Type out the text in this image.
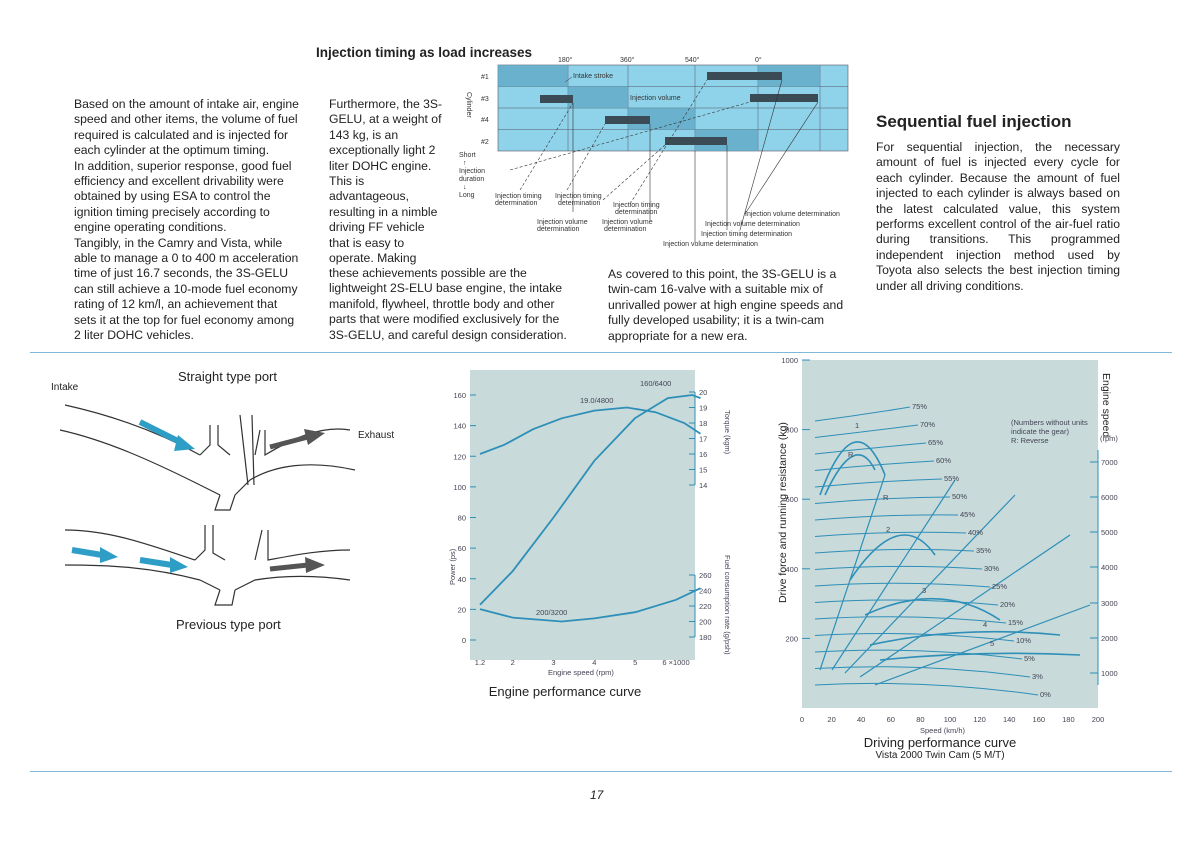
Based on the amount of intake air, engine
speed and other items, the volume of fuel
required is calculated and is injected for
each cylinder at the optimum timing.
In addition, superior response, good fuel
efficiency and excellent drivability were
obtained by using ESA to control the
ignition timing precisely according to
engine operating conditions.
Tangibly, in the Camry and Vista, while
able to manage a 0 to 400 m acceleration
time of just 16.7 seconds, the 3S-GELU
can still achieve a 10-mode fuel economy
rating of 12 km/l, an achievement that
sets it at the top for fuel economy among
2 liter DOHC vehicles.

Furthermore, the 3S-
GELU, at a weight of
143 kg, is an
exceptionally light 2
liter DOHC engine.
This is
advantageous,
resulting in a nimble
driving FF vehicle
that is easy to
operate. Making

these achievements possible are the
lightweight 2S-ELU base engine, the intake
manifold, flywheel, throttle body and other
parts that were modified exclusively for the
3S-GELU, and careful design consideration.

As covered to this point, the 3S-GELU is a
twin-cam 16-valve with a suitable mix of
unrivalled power at high engine speeds and
fully developed usability; it is a twin-cam
appropriate for a new era.

Sequential fuel injection

For sequential injection, the necessary amount of fuel is injected every cycle for each cylinder. Because the amount of fuel injected to each cylinder is always based on the latest calculated value, this system performs excellent control of the air-fuel ratio during transitions. This programmed independent injection method used by Toyota also selects the best injection timing under all driving conditions.

Injection timing as load increases
180°	360°	540°	0°
#1
#3
#4
#2
Cylinder
Intake stroke
Injection volume
Short
↑
Injection
duration
↓
Long	Injection timing
determination
Injection timing
determination Injection timing
determination
Injection volume
determination
Injection volume
determination
Injection volume determination
Injection volume determination
Injection timing determination
Injection volume determination
Straight type port
Intake
Exhaust
Previous type port
0
20
40
60
80
100
120
140
160
14
15
16
17
18
19
20
180
200
220
240
260
1.2	2	3	4	5	6 ×1000
160/6400
19.0/4800
200/3200
Power (ps)
Torque (kgm)
Fuel consumption rate (g/psh)
Engine speed (rpm)
Engine performance curve
200
400
600
800
1000
0	20	40	60	80	100 120 140 160 180 200
1000
2000
3000
4000
5000
6000
7000
75%
70%
65%
60%
55%
50%
45%
40%
35%
30%
25%
20%
15%
10%
5%
3%
0%
1
2
3
4
5
R
R
Drive force and running resistance (kg)
Engine speed
(rpm)
Speed (km/h)
(Numbers without units
indicate the gear)
R: Reverse
Driving performance curve
Vista 2000 Twin Cam (5 M/T)
17
